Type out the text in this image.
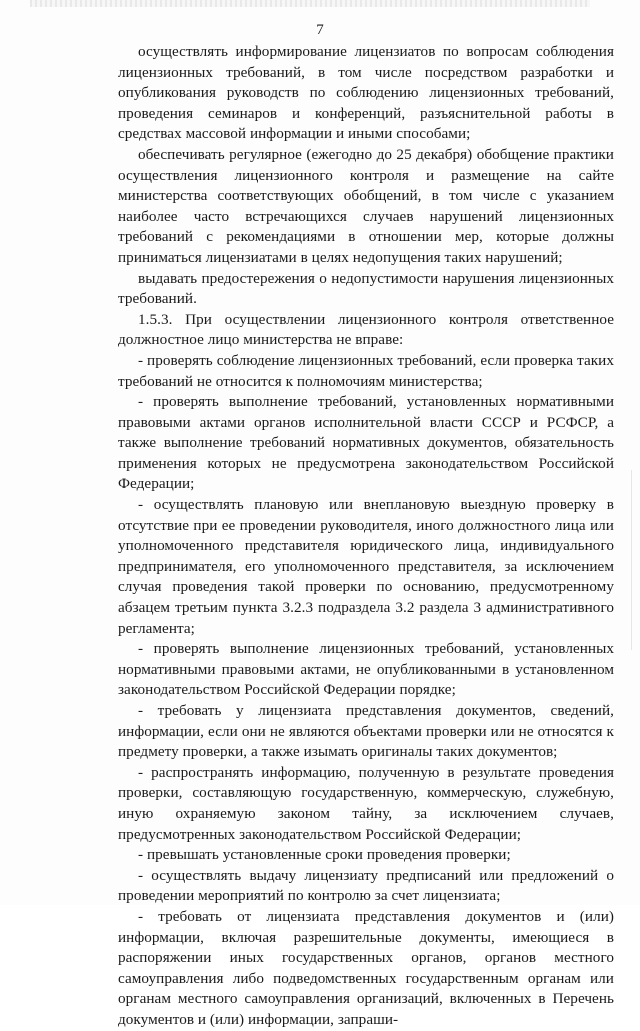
7

осуществлять информирование лицензиатов по вопросам соблюдения лицензионных требований, в том числе посредством разработки и опубликования руководств по соблюдению лицензионных требований, проведения семинаров и конференций, разъяснительной работы в средствах массовой информации и иными способами;

обеспечивать регулярное (ежегодно до 25 декабря) обобщение практики осуществления лицензионного контроля и размещение на сайте министерства соответствующих обобщений, в том числе с указанием наиболее часто встречающихся случаев нарушений лицензионных требований с рекомендациями в отношении мер, которые должны приниматься лицензиатами в целях недопущения таких нарушений;

выдавать предостережения о недопустимости нарушения лицензионных требований.

1.5.3. При осуществлении лицензионного контроля ответственное должностное лицо министерства не вправе:

- проверять соблюдение лицензионных требований, если проверка таких требований не относится к полномочиям министерства;

- проверять выполнение требований, установленных нормативными правовыми актами органов исполнительной власти СССР и РСФСР, а также выполнение требований нормативных документов, обязательность применения которых не предусмотрена законодательством Российской Федерации;

- осуществлять плановую или внеплановую выездную проверку в отсутствие при ее проведении руководителя, иного должностного лица или уполномоченного представителя юридического лица, индивидуального предпринимателя, его уполномоченного представителя, за исключением случая проведения такой проверки по основанию, предусмотренному абзацем третьим пункта 3.2.3 подраздела 3.2 раздела 3 административного регламента;

- проверять выполнение лицензионных требований, установленных нормативными правовыми актами, не опубликованными в установленном законодательством Российской Федерации порядке;

- требовать у лицензиата представления документов, сведений, информации, если они не являются объектами проверки или не относятся к предмету проверки, а также изымать оригиналы таких документов;

- распространять информацию, полученную в результате проведения проверки, составляющую государственную, коммерческую, служебную, иную охраняемую законом тайну, за исключением случаев, предусмотренных законодательством Российской Федерации;

- превышать установленные сроки проведения проверки;

- осуществлять выдачу лицензиату предписаний или предложений о проведении мероприятий по контролю за счет лицензиата;

- требовать от лицензиата представления документов и (или) информации, включая разрешительные документы, имеющиеся в распоряжении иных государственных органов, органов местного самоуправления либо подведомственных государственным органам или органам местного самоуправления организаций, включенных в Перечень документов и (или) информации, запраши-
